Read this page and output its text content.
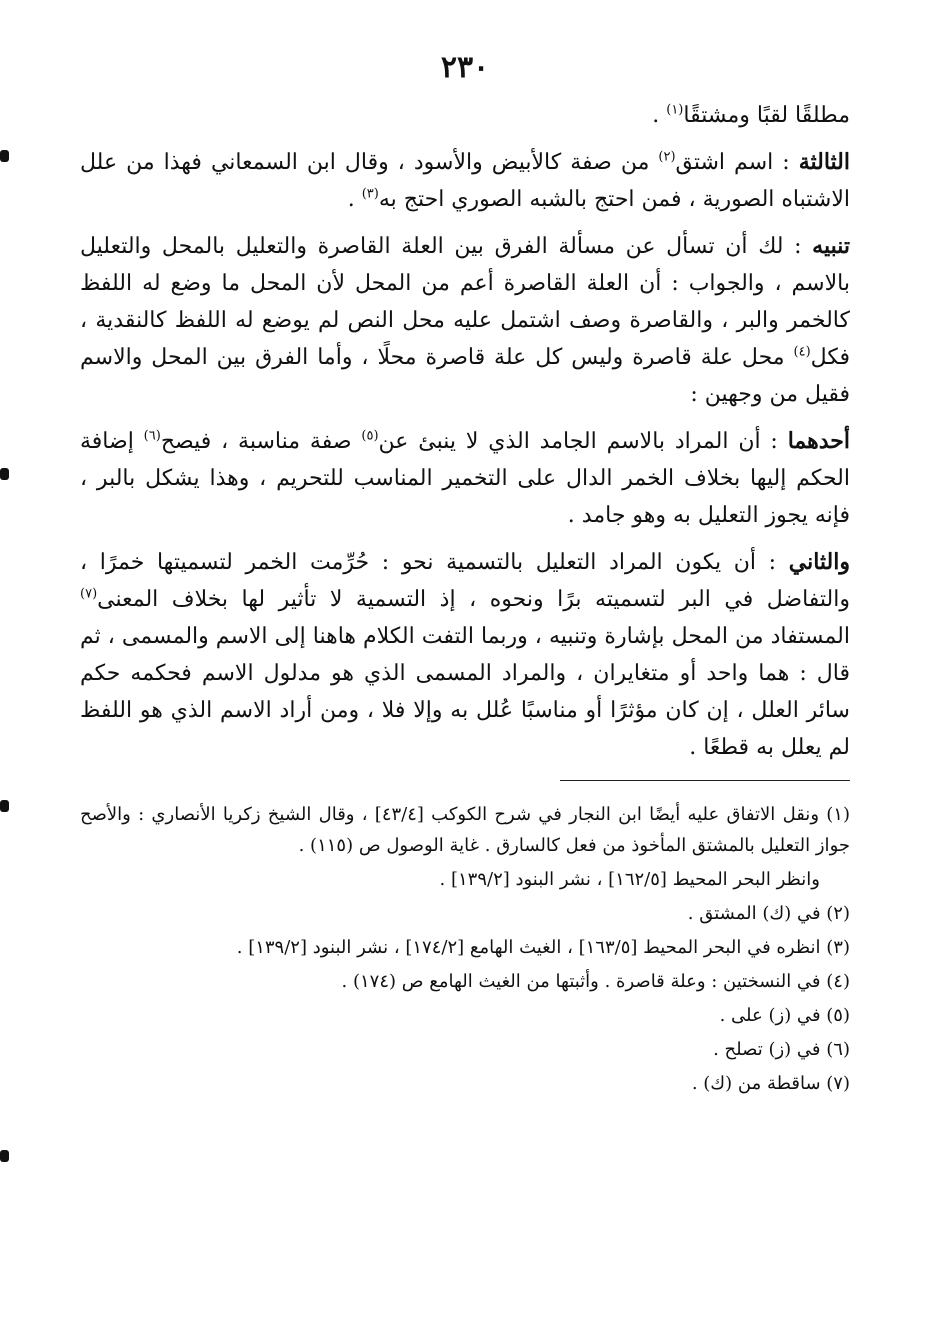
٢٣٠

مطلقًا لقبًا ومشتقًا$^{(١)}$ .

الثالثة : اسم اشتق$^{(٢)}$ من صفة كالأبيض والأسود ، وقال ابن السمعاني فهذا من علل الاشتباه الصورية ، فمن احتج بالشبه الصوري احتج به$^{(٣)}$ .

تنبيه : لك أن تسأل عن مسألة الفرق بين العلة القاصرة والتعليل بالمحل والتعليل بالاسم ، والجواب : أن العلة القاصرة أعم من المحل لأن المحل ما وضع له اللفظ كالخمر والبر ، والقاصرة وصف اشتمل عليه محل النص لم يوضع له اللفظ كالنقدية ، فكل$^{(٤)}$ محل علة قاصرة وليس كل علة قاصرة محلًا ، وأما الفرق بين المحل والاسم فقيل من وجهين :

أحدهما : أن المراد بالاسم الجامد الذي لا ينبئ عن$^{(٥)}$ صفة مناسبة ، فيصح$^{(٦)}$ إضافة الحكم إليها بخلاف الخمر الدال على التخمير المناسب للتحريم ، وهذا يشكل بالبر ، فإنه يجوز التعليل به وهو جامد .

والثاني : أن يكون المراد التعليل بالتسمية نحو : حُرِّمت الخمر لتسميتها خمرًا ، والتفاضل في البر لتسميته برًا ونحوه ، إذ التسمية لا تأثير لها بخلاف المعنى$^{(٧)}$ المستفاد من المحل بإشارة وتنبيه ، وربما التفت الكلام هاهنا إلى الاسم والمسمى ، ثم قال : هما واحد أو متغايران ، والمراد المسمى الذي هو مدلول الاسم فحكمه حكم سائر العلل ، إن كان مؤثرًا أو مناسبًا عُلل به وإلا فلا ، ومن أراد الاسم الذي هو اللفظ لم يعلل به قطعًا .

(١) ونقل الاتفاق عليه أيضًا ابن النجار في شرح الكوكب [٤٣/٤] ، وقال الشيخ زكريا الأنصاري : والأصح جواز التعليل بالمشتق المأخوذ من فعل كالسارق . غاية الوصول ص (١١٥) .

وانظر البحر المحيط [١٦٢/٥] ، نشر البنود [١٣٩/٢] .

(٢) في (ك) المشتق .

(٣) انظره في البحر المحيط [١٦٣/٥] ، الغيث الهامع [١٧٤/٢] ، نشر البنود [١٣٩/٢] .

(٤) في النسختين : وعلة قاصرة . وأثبتها من الغيث الهامع ص (١٧٤) .

(٥) في (ز) على .

(٦) في (ز) تصلح .

(٧) ساقطة من (ك) .
